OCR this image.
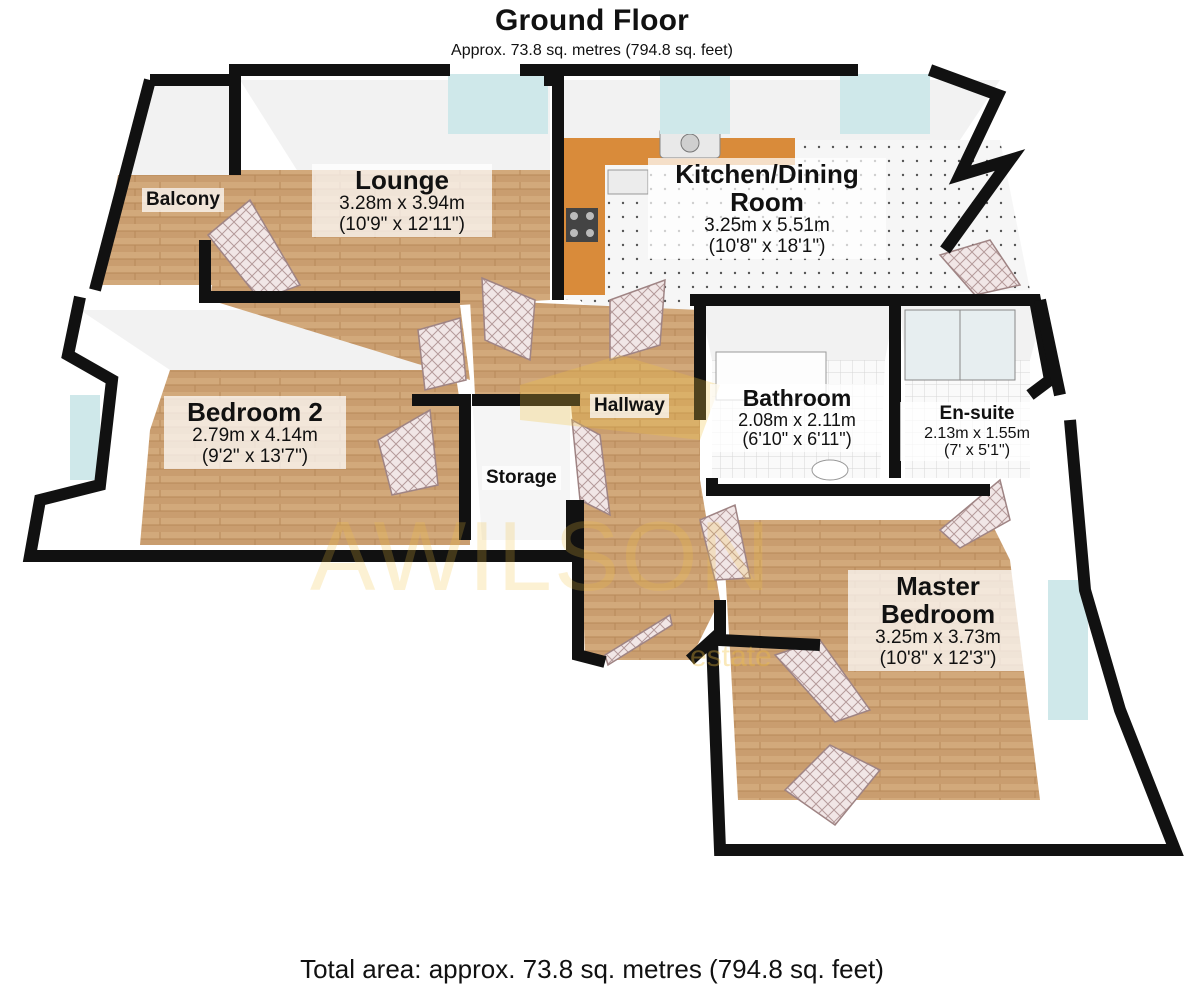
Ground Floor
Approx. 73.8 sq. metres (794.8 sq. feet)
AWILSON
estate
Lounge
3.28m x 3.94m
(10'9" x 12'11")
Kitchen/Dining
Room
3.25m x 5.51m
(10'8" x 18'1")
Bedroom 2
2.79m x 4.14m
(9'2" x 13'7")
Bathroom
2.08m x 2.11m
(6'10" x 6'11")
En-suite
2.13m x 1.55m
(7' x 5'1")
Master
Bedroom
3.25m x 3.73m
(10'8" x 12'3")
Balcony
Hallway
Storage
Total area: approx. 73.8 sq. metres (794.8 sq. feet)
